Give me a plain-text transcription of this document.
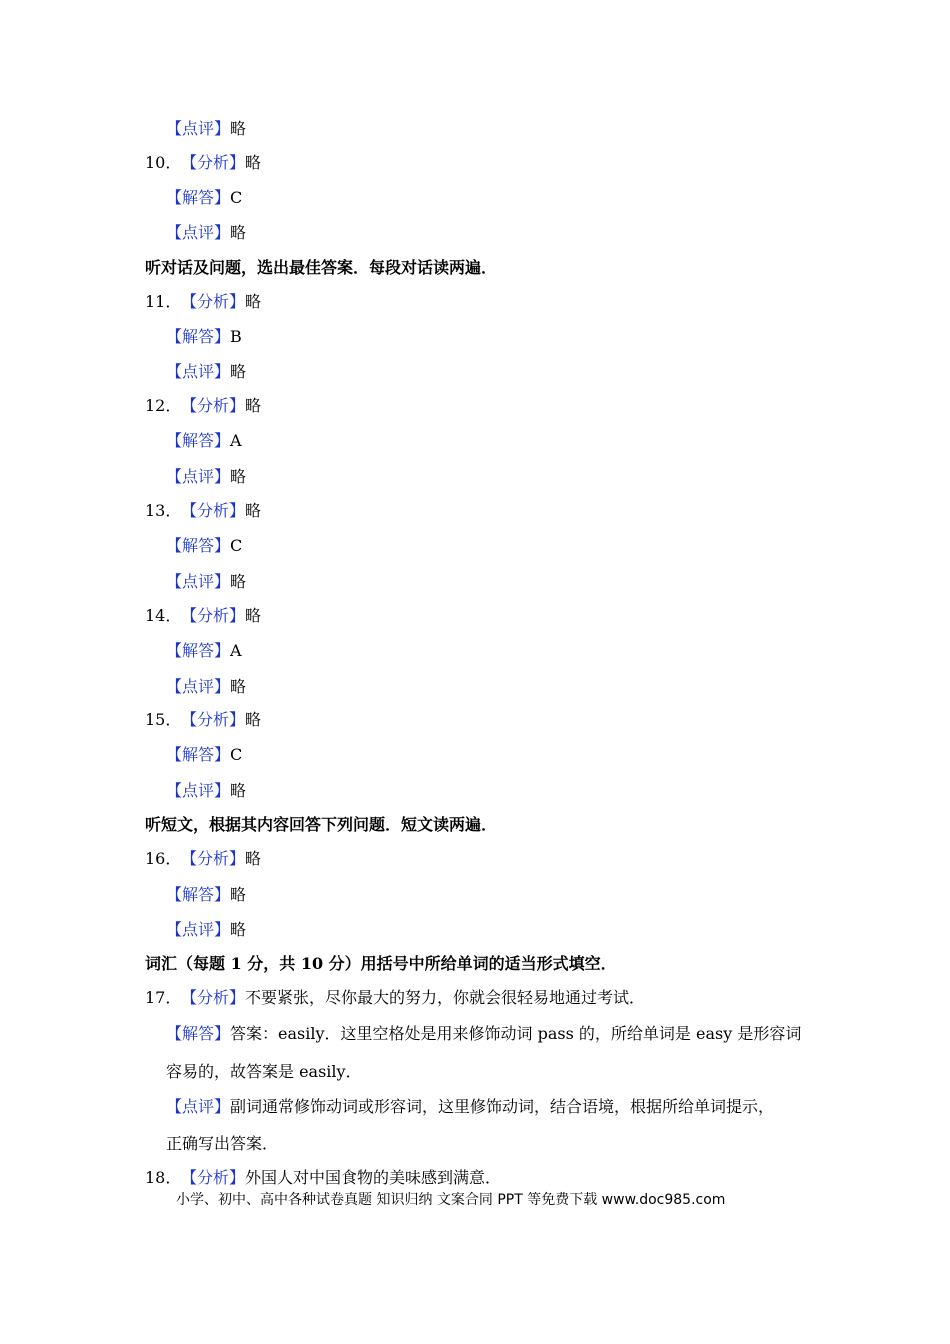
【点评】略
10．【分析】略
【解答】C
【点评】略
听对话及问题，选出最佳答案．每段对话读两遍．
11．【分析】略
【解答】B
【点评】略
12．【分析】略
【解答】A
【点评】略
13．【分析】略
【解答】C
【点评】略
14．【分析】略
【解答】A
【点评】略
15．【分析】略
【解答】C
【点评】略
听短文，根据其内容回答下列问题．短文读两遍．
16．【分析】略
【解答】略
【点评】略
词汇（每题 1 分，共 10 分）用括号中所给单词的适当形式填空．
17．【分析】不要紧张，尽你最大的努力，你就会很轻易地通过考试．
【解答】答案：easily．这里空格处是用来修饰动词 pass 的，所给单词是 easy 是形容词
容易的，故答案是 easily．
【点评】副词通常修饰动词或形容词，这里修饰动词，结合语境，根据所给单词提示，
正确写出答案．
18．【分析】外国人对中国食物的美味感到满意．
小学、初中、高中各种试卷真题 知识归纳 文案合同 PPT 等免费下载 www.doc985.com
